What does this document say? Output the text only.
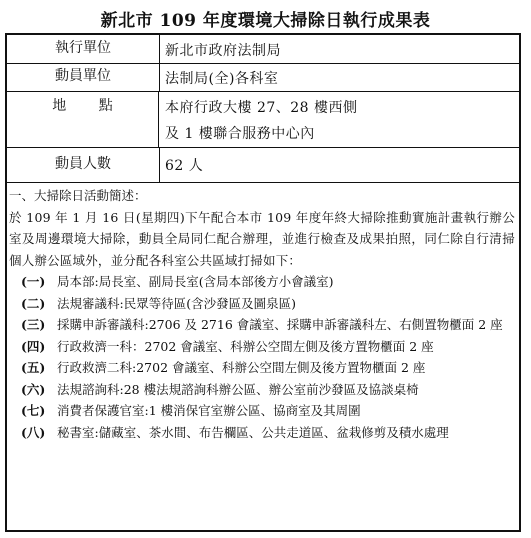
新北市 109 年度環境大掃除日執行成果表
執行單位	新北市政府法制局
動員單位	法制局(全)各科室
地 點	本府行政大樓 27、28 樓西側
及 1 樓聯合服務中心內
動員人數	62 人

一、大掃除日活動簡述：

於 109 年 1 月 16 日(星期四)下午配合本市 109 年度年終大掃除推動實施計畫執行辦公室及周邊環境大掃除，動員全局同仁配合辦理，並進行檢查及成果拍照，同仁除自行清掃個人辦公區域外，並分配各科室公共區域打掃如下：

(一) 局本部:局長室、副局長室(含局本部後方小會議室)
(二) 法規審議科:民眾等待區(含沙發區及圖泉區)
(三) 採購申訴審議科:2706 及 2716 會議室、採購申訴審議科左、右側置物櫃面 2 座
(四) 行政救濟一科：2702 會議室、科辦公空間左側及後方置物櫃面 2 座
(五) 行政救濟二科:2702 會議室、科辦公空間左側及後方置物櫃面 2 座
(六) 法規諮詢科:28 樓法規諮詢科辦公區、辦公室前沙發區及協談桌椅
(七) 消費者保護官室:1 樓消保官室辦公區、協商室及其周圍
(八) 秘書室:儲藏室、茶水間、布告欄區、公共走道區、盆栽修剪及積水處理
